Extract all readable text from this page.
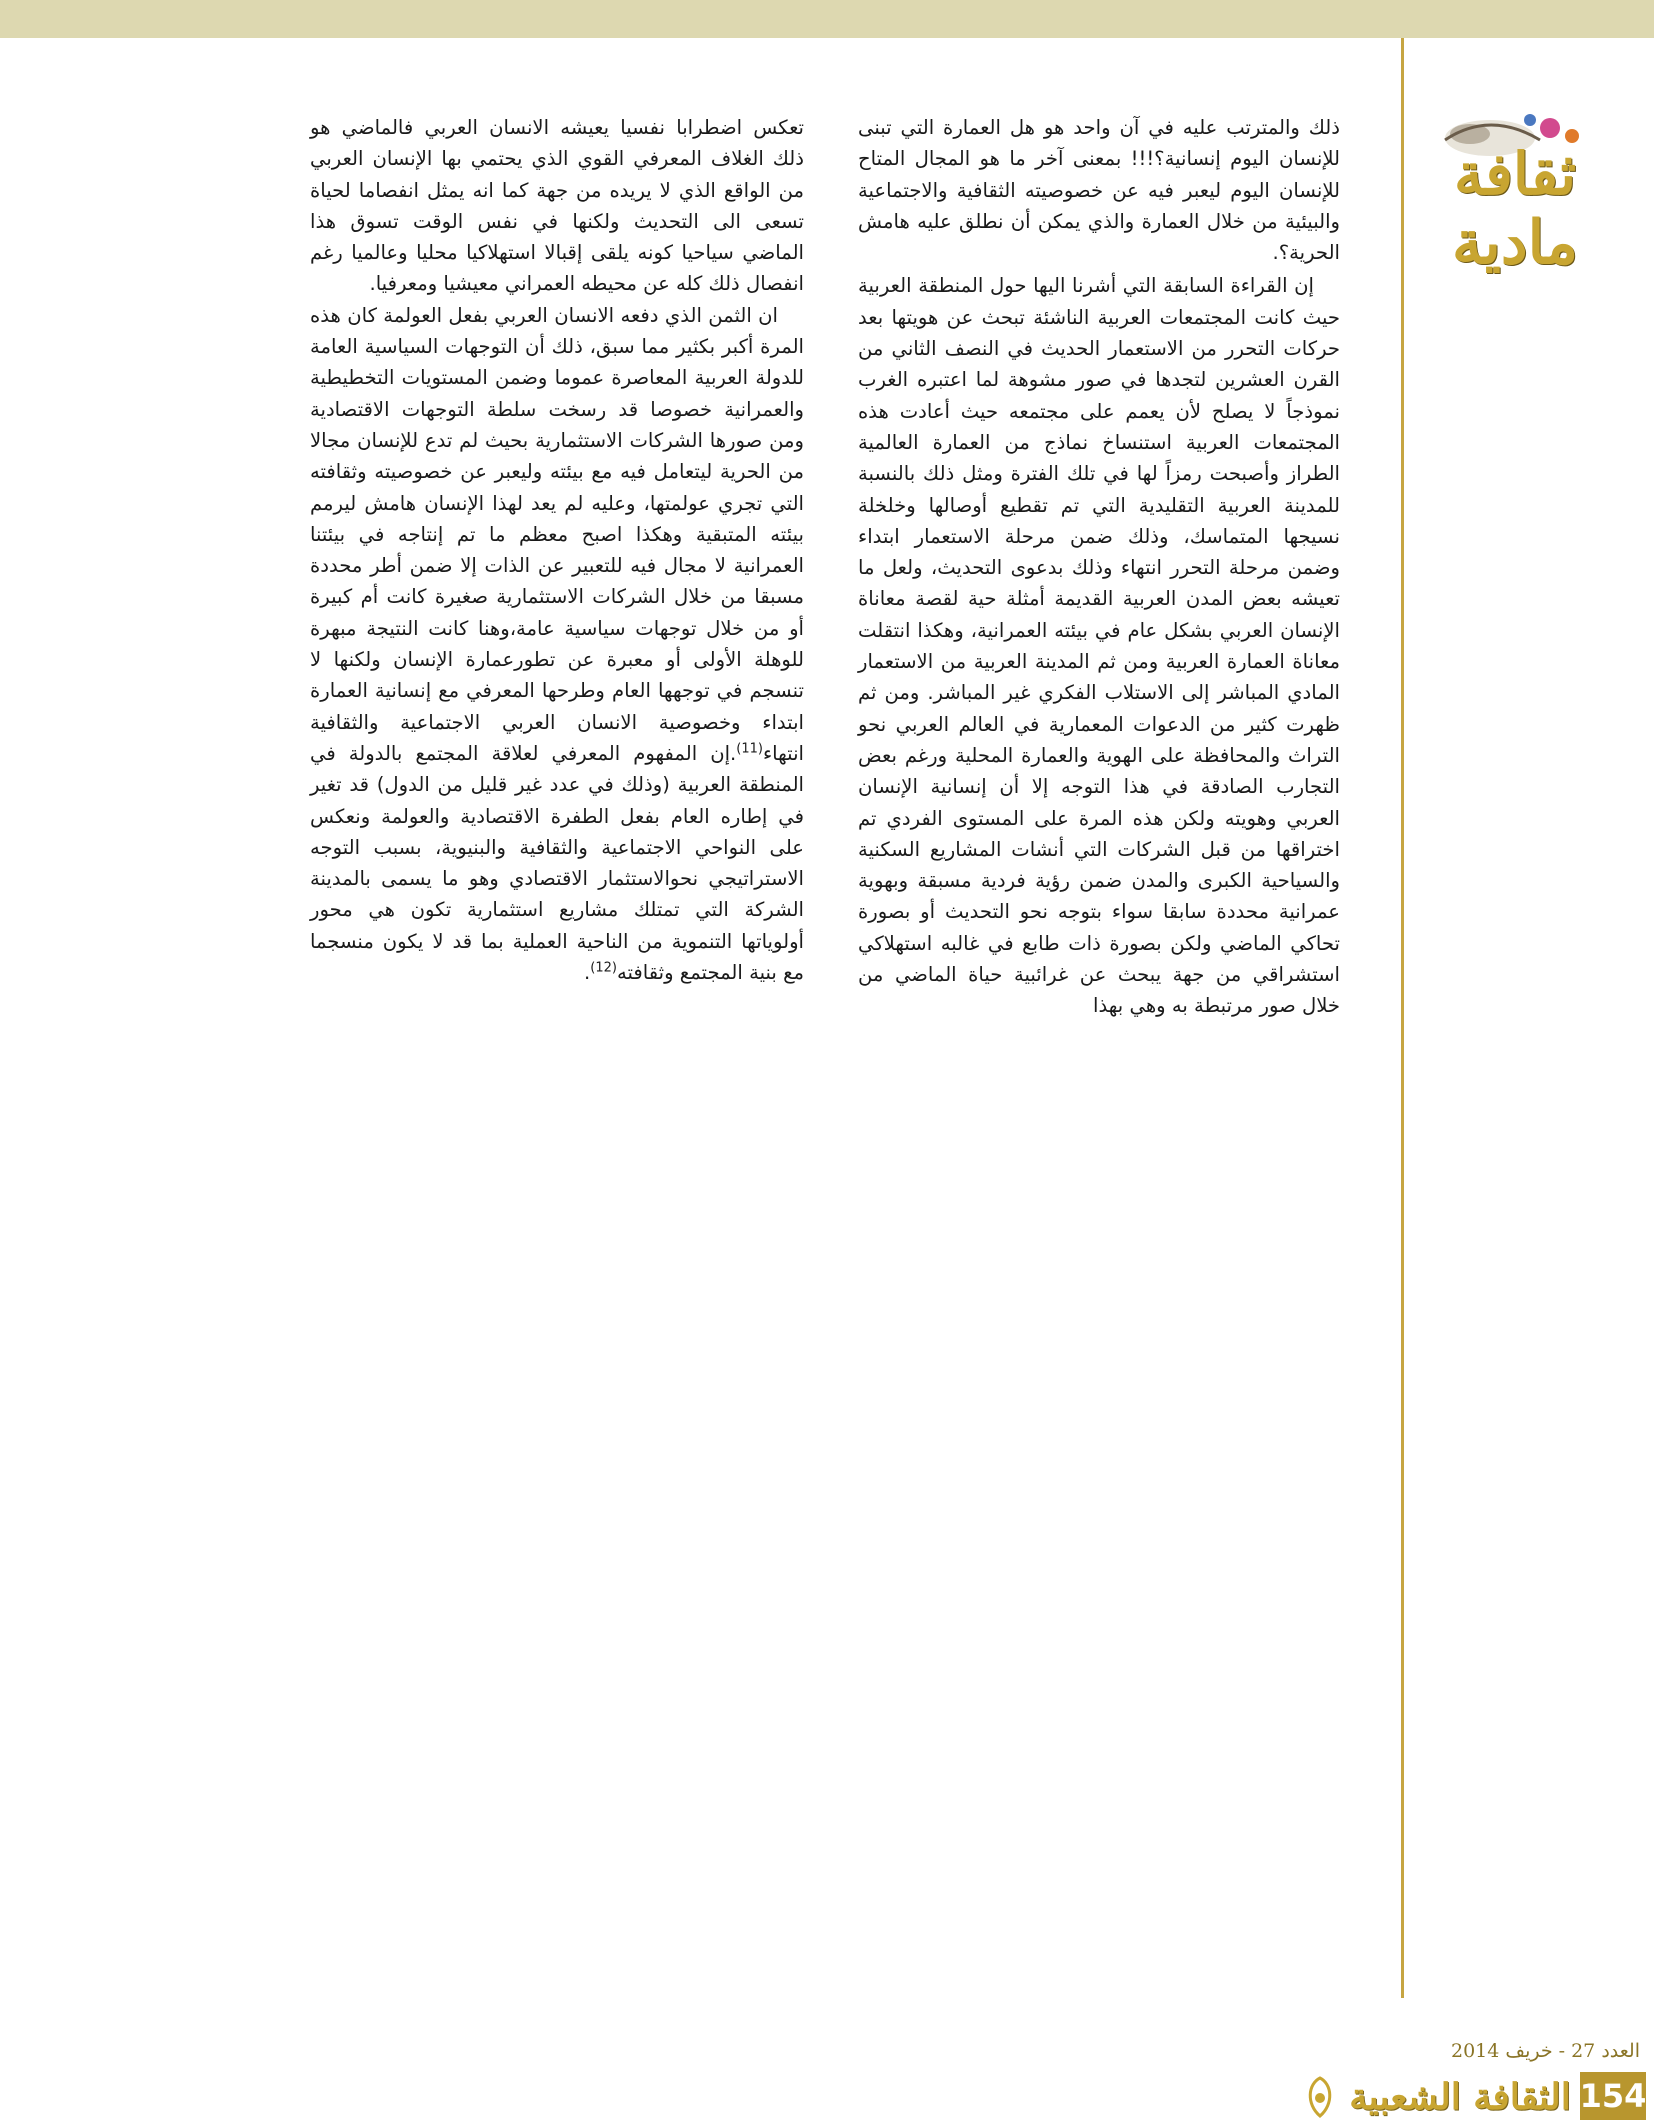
ثقافة
مادية

ذلك والمترتب عليه في آن واحد هو هل العمارة التي تبنى للإنسان اليوم إنسانية؟!!! بمعنى آخر ما هو المجال المتاح للإنسان اليوم ليعبر فيه عن خصوصيته الثقافية والاجتماعية والبيئية من خلال العمارة والذي يمكن أن نطلق عليه هامش الحرية؟.

إن القراءة السابقة التي أشرنا اليها حول المنطقة العربية حيث كانت المجتمعات العربية الناشئة تبحث عن هويتها بعد حركات التحرر من الاستعمار الحديث في النصف الثاني من القرن العشرين لتجدها في صور مشوهة لما اعتبره الغرب نموذجاً لا يصلح لأن يعمم على مجتمعه حيث أعادت هذه المجتمعات العربية استنساخ نماذج من العمارة العالمية الطراز وأصبحت رمزاً لها في تلك الفترة ومثل ذلك بالنسبة للمدينة العربية التقليدية التي تم تقطيع أوصالها وخلخلة نسيجها المتماسك، وذلك ضمن مرحلة الاستعمار ابتداء وضمن مرحلة التحرر انتهاء وذلك بدعوى التحديث، ولعل ما تعيشه بعض المدن العربية القديمة أمثلة حية لقصة معاناة الإنسان العربي بشكل عام في بيئته العمرانية، وهكذا انتقلت معاناة العمارة العربية ومن ثم المدينة العربية من الاستعمار المادي المباشر إلى الاستلاب الفكري غير المباشر. ومن ثم ظهرت كثير من الدعوات المعمارية في العالم العربي نحو التراث والمحافظة على الهوية والعمارة المحلية ورغم بعض التجارب الصادقة في هذا التوجه إلا أن إنسانية الإنسان العربي وهويته ولكن هذه المرة على المستوى الفردي تم اختراقها من قبل الشركات التي أنشات المشاريع السكنية والسياحية الكبرى والمدن ضمن رؤية فردية مسبقة وبهوية عمرانية محددة سابقا سواء بتوجه نحو التحديث أو بصورة تحاكي الماضي ولكن بصورة ذات طابع في غالبه استهلاكي استشراقي من جهة يبحث عن غرائبية حياة الماضي من خلال صور مرتبطة به وهي بهذا

تعكس اضطرابا نفسيا يعيشه الانسان العربي فالماضي هو ذلك الغلاف المعرفي القوي الذي يحتمي بها الإنسان العربي من الواقع الذي لا يريده من جهة كما انه يمثل انفصاما لحياة تسعى الى التحديث ولكنها في نفس الوقت تسوق هذا الماضي سياحيا كونه يلقى إقبالا استهلاكيا محليا وعالميا رغم انفصال ذلك كله عن محيطه العمراني معيشيا ومعرفيا.

ان الثمن الذي دفعه الانسان العربي بفعل العولمة كان هذه المرة أكبر بكثير مما سبق، ذلك أن التوجهات السياسية العامة للدولة العربية المعاصرة عموما وضمن المستويات التخطيطية والعمرانية خصوصا قد رسخت سلطة التوجهات الاقتصادية ومن صورها الشركات الاستثمارية بحيث لم تدع للإنسان مجالا من الحرية ليتعامل فيه مع بيئته وليعبر عن خصوصيته وثقافته التي تجري عولمتها، وعليه لم يعد لهذا الإنسان هامش ليرمم بيئته المتبقية وهكذا اصبح معظم ما تم إنتاجه في بيئتنا العمرانية لا مجال فيه للتعبير عن الذات إلا ضمن أطر محددة مسبقا من خلال الشركات الاستثمارية صغيرة كانت أم كبيرة أو من خلال توجهات سياسية عامة،وهنا كانت النتيجة مبهرة للوهلة الأولى أو معبرة عن تطورعمارة الإنسان ولكنها لا تنسجم في توجهها العام وطرحها المعرفي مع إنسانية العمارة ابتداء وخصوصية الانسان العربي الاجتماعية والثقافية انتهاء$^{(11)}$.إن المفهوم المعرفي لعلاقة المجتمع بالدولة في المنطقة العربية (وذلك في عدد غير قليل من الدول) قد تغير في إطاره العام بفعل الطفرة الاقتصادية والعولمة ونعكس على النواحي الاجتماعية والثقافية والبنيوية، بسبب التوجه الاستراتيجي نحوالاستثمار الاقتصادي وهو ما يسمى بالمدينة الشركة التي تمتلك مشاريع استثمارية تكون هي محور أولوياتها التنموية من الناحية العملية بما قد لا يكون منسجما مع بنية المجتمع وثقافته$^{(12)}$.

العدد 27 - خريف 2014
الثقافة الشعبية 154
